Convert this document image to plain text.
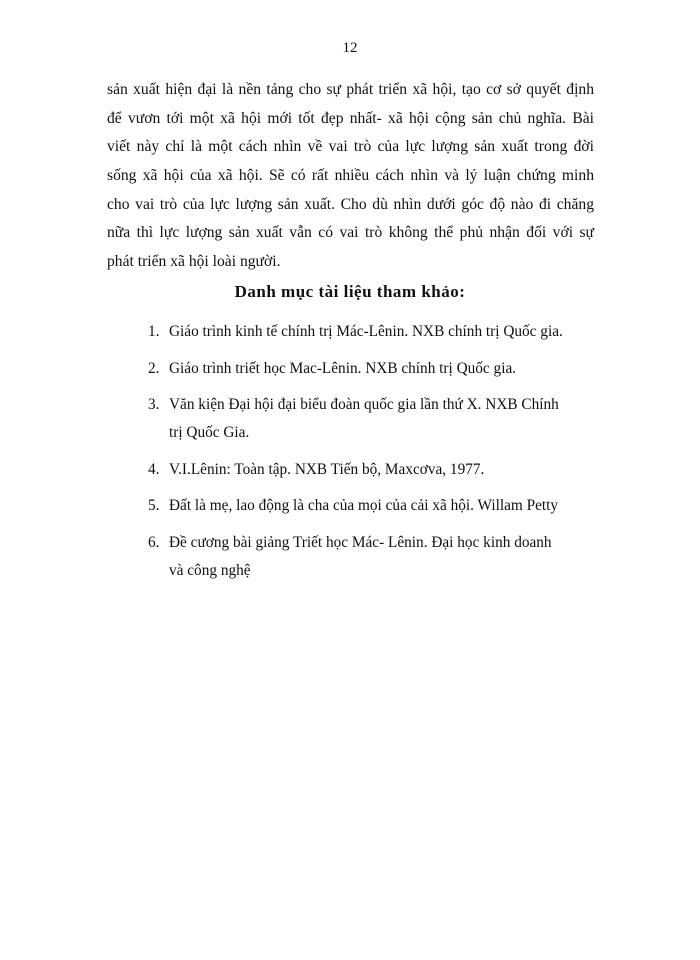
12
sản xuất hiện đại là nền tảng cho sự phát triển xã hội, tạo cơ sở quyết định
để vươn tới một xã hội mới tốt đẹp nhất- xã hội cộng sản chủ nghĩa. Bài
viết này chỉ là một cách nhìn về vai trò của lực lượng sản xuất trong đời
sống xã hội của xã hội. Sẽ có rất nhiều cách nhìn và lý luận chứng minh
cho vai trò của lực lượng sản xuất. Cho dù nhìn dưới góc độ nào đi chăng
nữa thì lực lượng sản xuất vẫn có vai trò không thể phủ nhận đối với sự
phát triển xã hội loài người.
Danh mục tài liệu tham khảo:
1. Giáo trình kinh tế chính trị Mác-Lênin. NXB chính trị Quốc gia.
2. Giáo trình triết học Mac-Lênin. NXB chính trị Quốc gia.
3. Văn kiện Đại hội đại biểu đoàn quốc gia lần thứ X. NXB Chính
trị Quốc Gia.
4. V.I.Lênin: Toàn tập. NXB Tiến bộ, Maxcơva, 1977.
5. Đất là mẹ, lao động là cha của mọi của cải xã hội. Willam Petty
6. Đề cương bài giảng Triết học Mác- Lênin. Đại học kinh doanh
và công nghệ
